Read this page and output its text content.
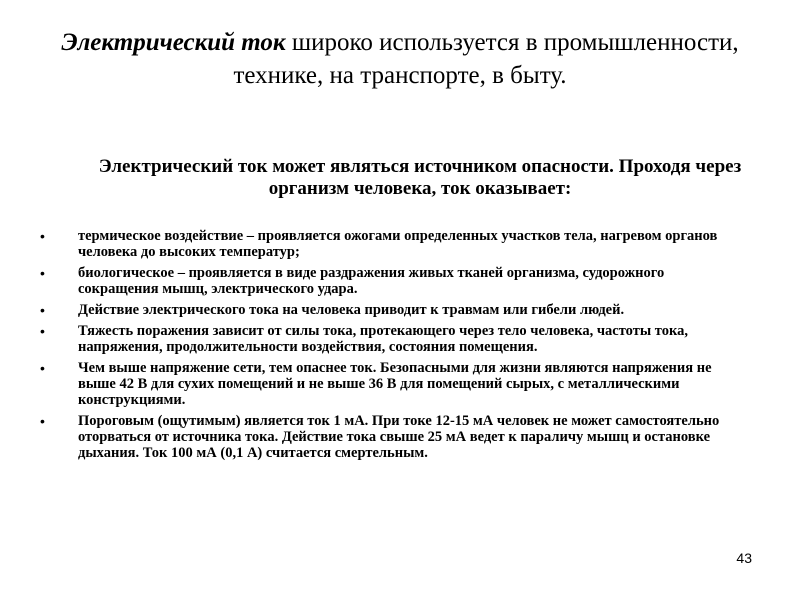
Электрический ток широко используется в промышленности, технике, на транспорте, в быту.
Электрический ток может являться источником опасности. Проходя через организм человека, ток оказывает:
• термическое воздействие – проявляется ожогами определенных участков тела, нагревом органов человека до высоких температур;
• биологическое – проявляется в виде раздражения живых тканей организма, судорожного сокращения мышц, электрического удара.
• Действие электрического тока на человека приводит к травмам или гибели людей.
• Тяжесть поражения зависит от силы тока, протекающего через тело человека, частоты тока, напряжения, продолжительности воздействия, состояния помещения.
• Чем выше напряжение сети, тем опаснее ток. Безопасными для жизни являются напряжения не выше 42 В для сухих помещений и не выше 36 В для помещений сырых, с металлическими конструкциями.
• Пороговым (ощутимым) является ток 1 мА. При токе 12-15 мА человек не может самостоятельно оторваться от источника тока. Действие тока свыше 25 мА ведет к параличу мышц и остановке дыхания. Ток 100 мА (0,1 А) считается смертельным.
43
